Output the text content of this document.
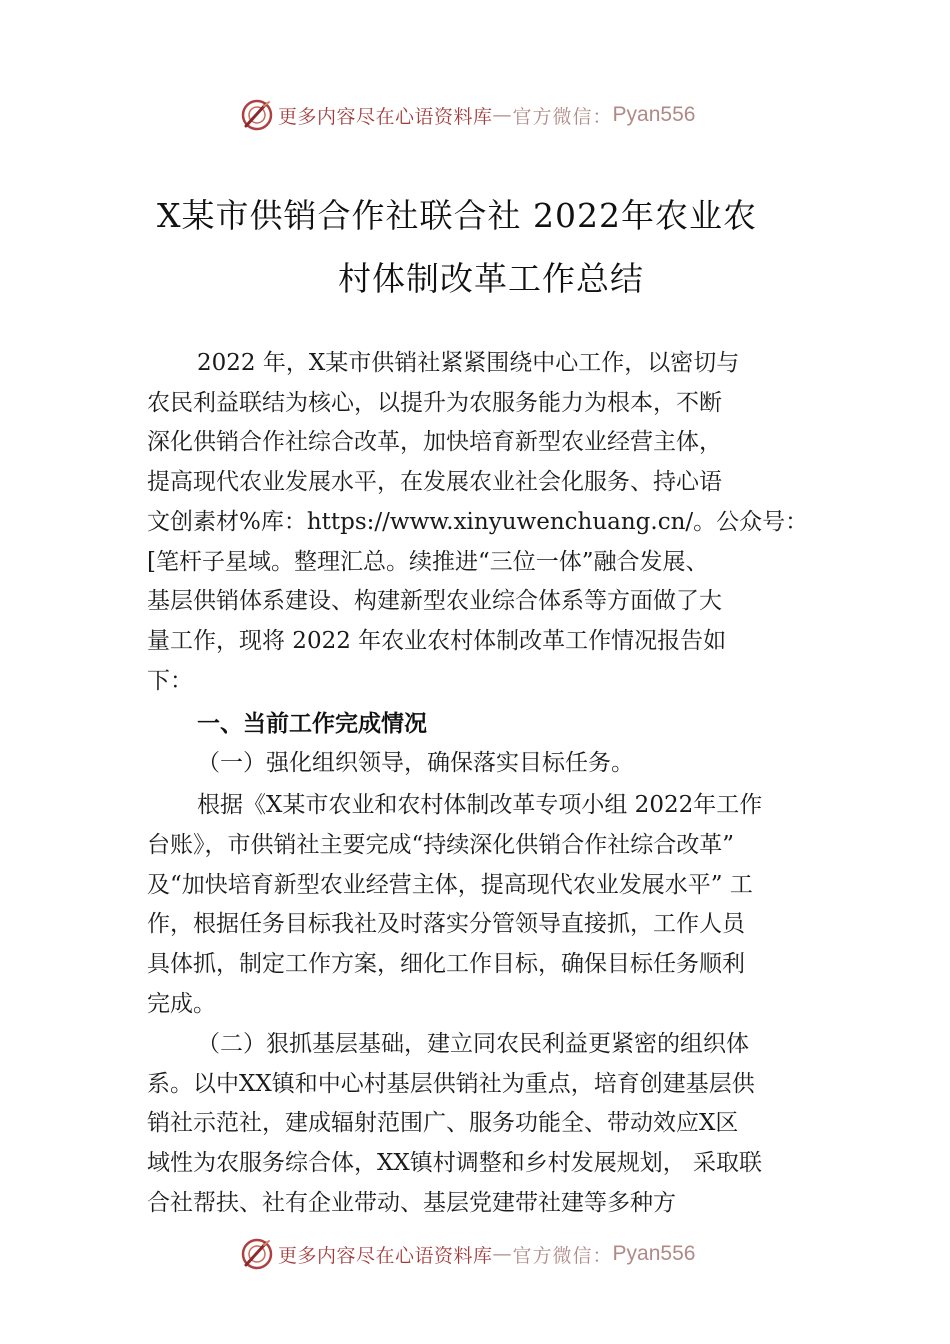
更多内容尽在心语资料库 — 官方微信： Pyan556
X某市供销合作社联合社 2022年农业农
村体制改革工作总结
2022 年，X某市供销社紧紧围绕中心工作，以密切与
农民利益联结为核心，以提升为农服务能力为根本，不断
深化供销合作社综合改革，加快培育新型农业经营主体，
提高现代农业发展水平，在发展农业社会化服务、持心语
文创素材%库：https://www.xinyuwenchuang.cn/。公众号：
[笔杆子星域。整理汇总。续推进“三位一体”融合发展、
基层供销体系建设、构建新型农业综合体系等方面做了大
量工作，现将 2022 年农业农村体制改革工作情况报告如
下：
一、当前工作完成情况
（一）强化组织领导，确保落实目标任务。
根据《X某市农业和农村体制改革专项小组 2022年工作
台账》，市供销社主要完成“持续深化供销合作社综合改革”
及“加快培育新型农业经营主体，提高现代农业发展水平” 工
作，根据任务目标我社及时落实分管领导直接抓，工作人员
具体抓，制定工作方案，细化工作目标，确保目标任务顺利
完成。
（二）狠抓基层基础，建立同农民利益更紧密的组织体
系。以中XX镇和中心村基层供销社为重点，培育创建基层供
销社示范社，建成辐射范围广、服务功能全、带动效应X区
域性为农服务综合体，XX镇村调整和乡村发展规划， 采取联
合社帮扶、社有企业带动、基层党建带社建等多种方
更多内容尽在心语资料库 — 官方微信： Pyan556
